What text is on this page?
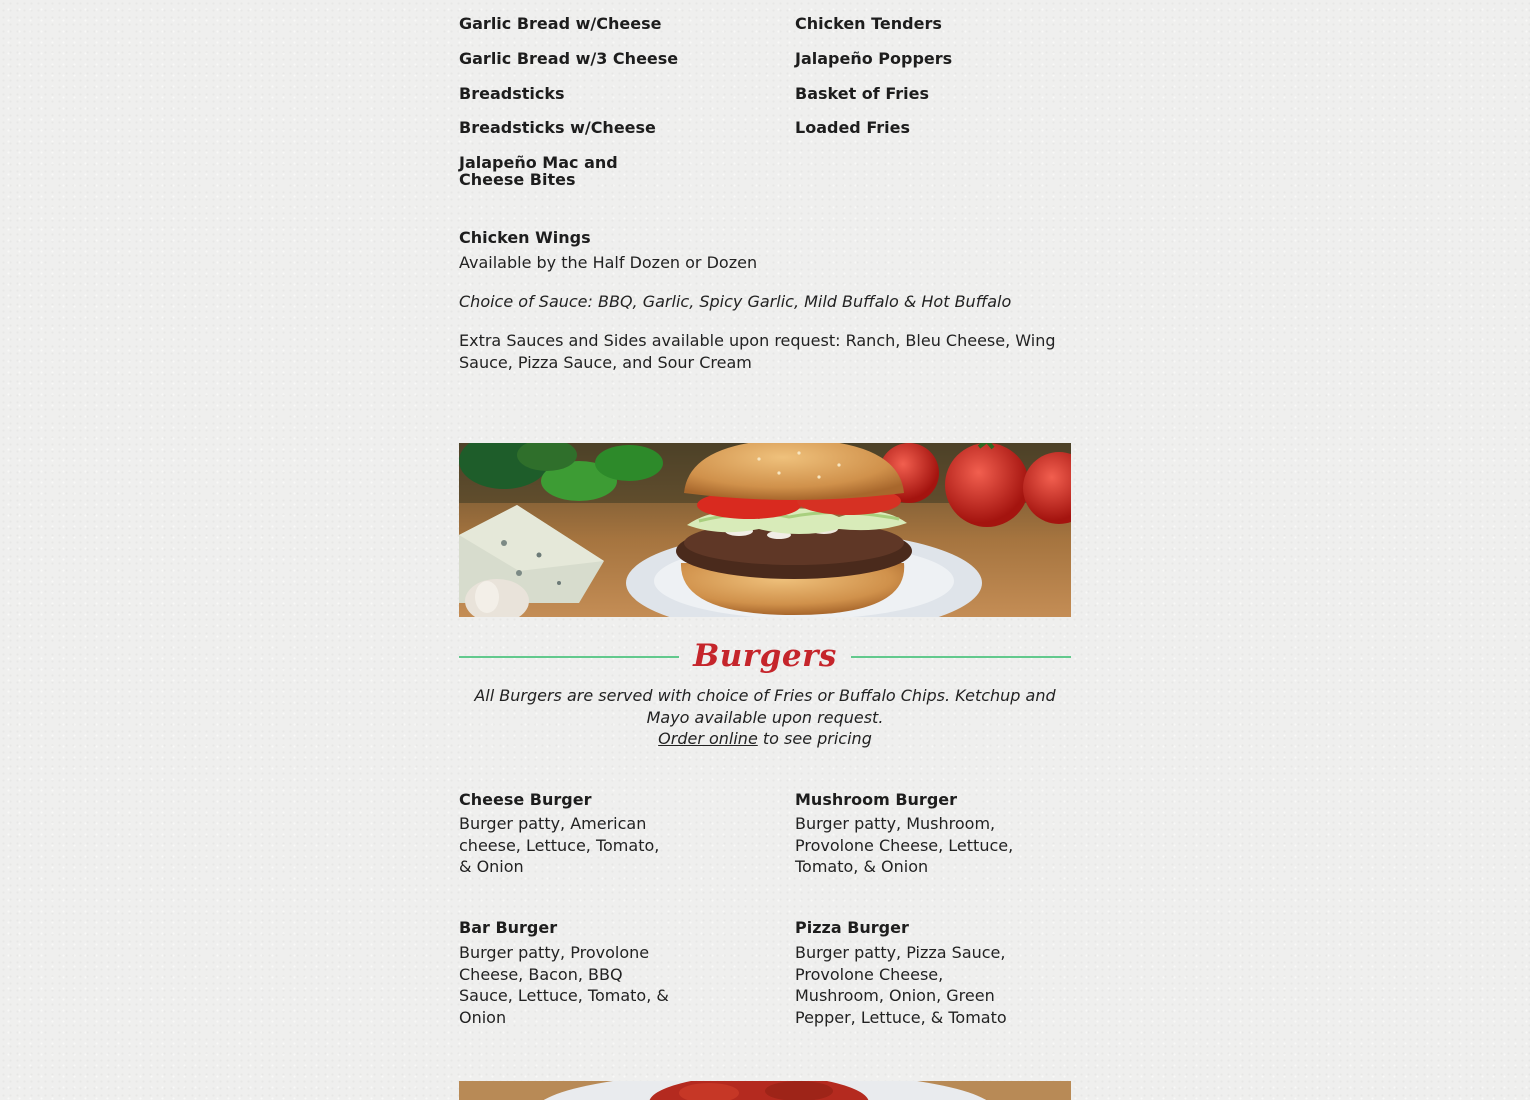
Garlic Bread w/Cheese
Garlic Bread w/3 Cheese
Breadsticks
Breadsticks w/Cheese
Jalapeño Mac and Cheese Bites
Chicken Tenders
Jalapeño Poppers
Basket of Fries
Loaded Fries
Chicken Wings
Available by the Half Dozen or Dozen
Choice of Sauce: BBQ, Garlic, Spicy Garlic, Mild Buffalo & Hot Buffalo
Extra Sauces and Sides available upon request: Ranch, Bleu Cheese, Wing Sauce, Pizza Sauce, and Sour Cream
Burgers
All Burgers are served with choice of Fries or Buffalo Chips. Ketchup and Mayo available upon request.
Order online to see pricing
Cheese Burger
Burger patty, American cheese, Lettuce, Tomato, & Onion
Mushroom Burger
Burger patty, Mushroom, Provolone Cheese, Lettuce, Tomato, & Onion
Bar Burger
Burger patty, Provolone Cheese, Bacon, BBQ Sauce, Lettuce, Tomato, & Onion
Pizza Burger
Burger patty, Pizza Sauce, Provolone Cheese, Mushroom, Onion, Green Pepper, Lettuce, & Tomato
